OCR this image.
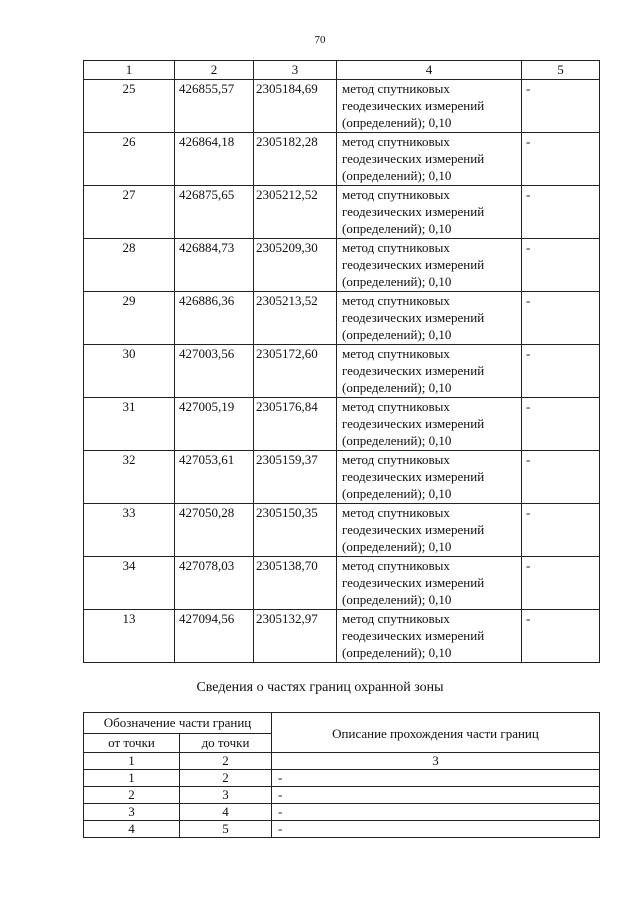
70
1	2	3	4	5
25	426855,57	2305184,69	метод спутниковых
геодезических измерений
(определений); 0,10	-
26	426864,18	2305182,28	метод спутниковых
геодезических измерений
(определений); 0,10	-
27	426875,65	2305212,52	метод спутниковых
геодезических измерений
(определений); 0,10	-
28	426884,73	2305209,30	метод спутниковых
геодезических измерений
(определений); 0,10	-
29	426886,36	2305213,52	метод спутниковых
геодезических измерений
(определений); 0,10	-
30	427003,56	2305172,60	метод спутниковых
геодезических измерений
(определений); 0,10	-
31	427005,19	2305176,84	метод спутниковых
геодезических измерений
(определений); 0,10	-
32	427053,61	2305159,37	метод спутниковых
геодезических измерений
(определений); 0,10	-
33	427050,28	2305150,35	метод спутниковых
геодезических измерений
(определений); 0,10	-
34	427078,03	2305138,70	метод спутниковых
геодезических измерений
(определений); 0,10	-
13	427094,56	2305132,97	метод спутниковых
геодезических измерений
(определений); 0,10	-
Сведения о частях границ охранной зоны
Обозначение части границ		Описание прохождения части границ
от точки	до точки	
1	2	3
1	2	-
2	3	-
3	4	-
4	5	-
